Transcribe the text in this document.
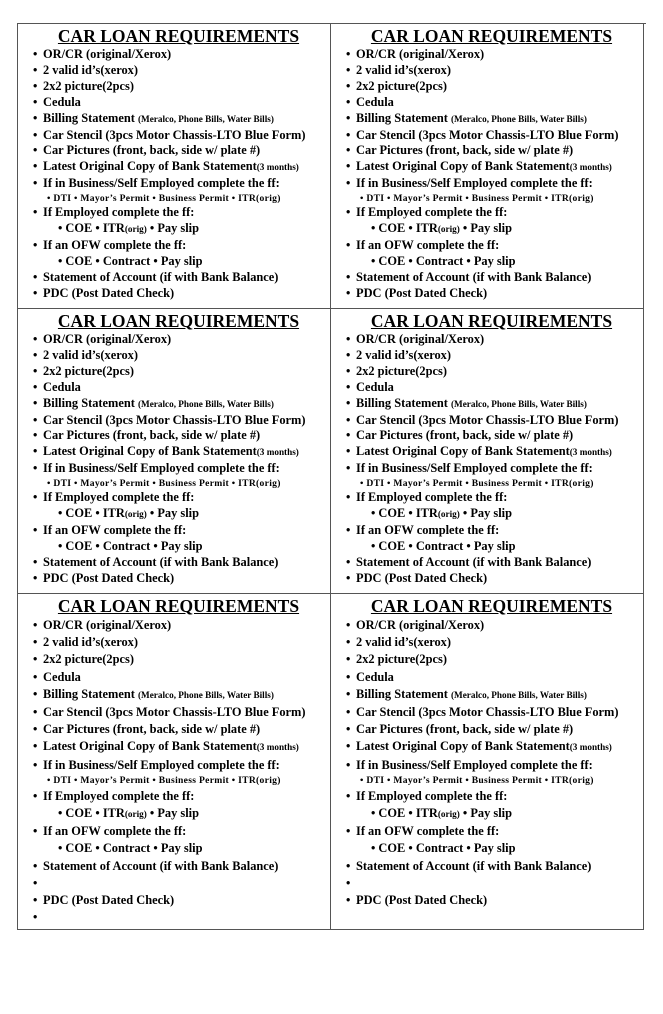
CAR LOAN REQUIREMENTS
• OR/CR (original/Xerox)
• 2 valid id’s(xerox)
• 2x2 picture(2pcs)
• Cedula
• Billing Statement (Meralco, Phone Bills, Water Bills)
• Car Stencil (3pcs Motor Chassis-LTO Blue Form)
• Car Pictures (front, back, side w/ plate #)
• Latest Original Copy of Bank Statement(3 months)
• If in Business/Self Employed complete the ff:
• DTI • Mayor’s Permit • Business Permit • ITR(orig)
• If Employed complete the ff:
• COE • ITR(orig) • Pay slip
• If an OFW complete the ff:
• COE • Contract • Pay slip
• Statement of Account (if with Bank Balance)
• PDC (Post Dated Check)
CAR LOAN REQUIREMENTS
• OR/CR (original/Xerox)
• 2 valid id’s(xerox)
• 2x2 picture(2pcs)
• Cedula
• Billing Statement (Meralco, Phone Bills, Water Bills)
• Car Stencil (3pcs Motor Chassis-LTO Blue Form)
• Car Pictures (front, back, side w/ plate #)
• Latest Original Copy of Bank Statement(3 months)
• If in Business/Self Employed complete the ff:
• DTI • Mayor’s Permit • Business Permit • ITR(orig)
• If Employed complete the ff:
• COE • ITR(orig) • Pay slip
• If an OFW complete the ff:
• COE • Contract • Pay slip
• Statement of Account (if with Bank Balance)
• PDC (Post Dated Check)
CAR LOAN REQUIREMENTS
• OR/CR (original/Xerox)
• 2 valid id’s(xerox)
• 2x2 picture(2pcs)
• Cedula
• Billing Statement (Meralco, Phone Bills, Water Bills)
• Car Stencil (3pcs Motor Chassis-LTO Blue Form)
• Car Pictures (front, back, side w/ plate #)
• Latest Original Copy of Bank Statement(3 months)
• If in Business/Self Employed complete the ff:
• DTI • Mayor’s Permit • Business Permit • ITR(orig)
• If Employed complete the ff:
• COE • ITR(orig) • Pay slip
• If an OFW complete the ff:
• COE • Contract • Pay slip
• Statement of Account (if with Bank Balance)
• PDC (Post Dated Check)
CAR LOAN REQUIREMENTS
• OR/CR (original/Xerox)
• 2 valid id’s(xerox)
• 2x2 picture(2pcs)
• Cedula
• Billing Statement (Meralco, Phone Bills, Water Bills)
• Car Stencil (3pcs Motor Chassis-LTO Blue Form)
• Car Pictures (front, back, side w/ plate #)
• Latest Original Copy of Bank Statement(3 months)
• If in Business/Self Employed complete the ff:
• DTI • Mayor’s Permit • Business Permit • ITR(orig)
• If Employed complete the ff:
• COE • ITR(orig) • Pay slip
• If an OFW complete the ff:
• COE • Contract • Pay slip
• Statement of Account (if with Bank Balance)
• PDC (Post Dated Check)
CAR LOAN REQUIREMENTS
• OR/CR (original/Xerox)
• 2 valid id’s(xerox)
• 2x2 picture(2pcs)
• Cedula
• Billing Statement (Meralco, Phone Bills, Water Bills)
• Car Stencil (3pcs Motor Chassis-LTO Blue Form)
• Car Pictures (front, back, side w/ plate #)
• Latest Original Copy of Bank Statement(3 months)
• If in Business/Self Employed complete the ff:
• DTI • Mayor’s Permit • Business Permit • ITR(orig)
• If Employed complete the ff:
• COE • ITR(orig) • Pay slip
• If an OFW complete the ff:
• COE • Contract • Pay slip
• Statement of Account (if with Bank Balance)
•
• PDC (Post Dated Check)
•
CAR LOAN REQUIREMENTS
• OR/CR (original/Xerox)
• 2 valid id’s(xerox)
• 2x2 picture(2pcs)
• Cedula
• Billing Statement (Meralco, Phone Bills, Water Bills)
• Car Stencil (3pcs Motor Chassis-LTO Blue Form)
• Car Pictures (front, back, side w/ plate #)
• Latest Original Copy of Bank Statement(3 months)
• If in Business/Self Employed complete the ff:
• DTI • Mayor’s Permit • Business Permit • ITR(orig)
• If Employed complete the ff:
• COE • ITR(orig) • Pay slip
• If an OFW complete the ff:
• COE • Contract • Pay slip
• Statement of Account (if with Bank Balance)
•
• PDC (Post Dated Check)
